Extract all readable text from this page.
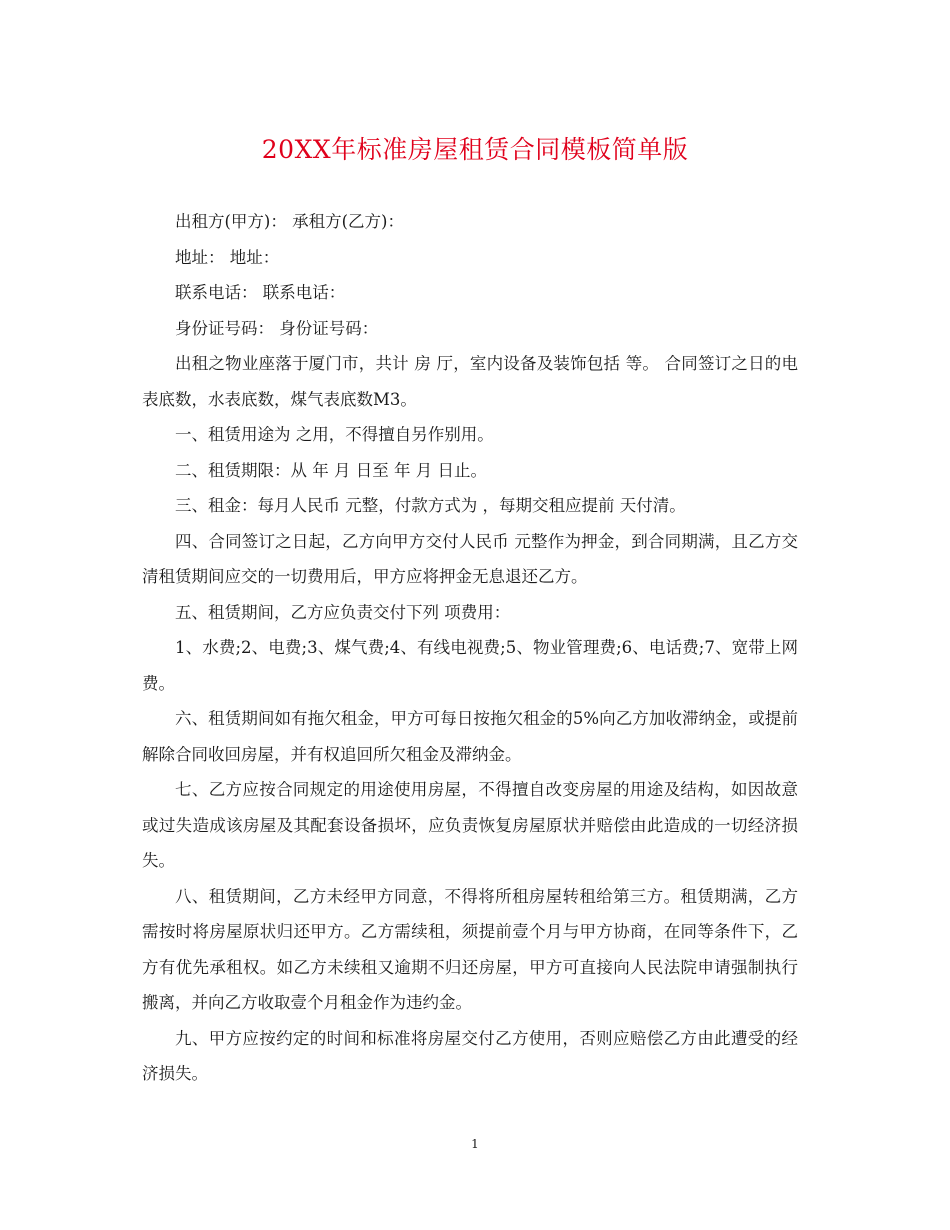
20XX年标准房屋租赁合同模板简单版

出租方(甲方)： 承租方(乙方)：

地址： 地址：

联系电话： 联系电话：

身份证号码： 身份证号码：

出租之物业座落于厦门市，共计 房 厅，室内设备及装饰包括 等。 合同签订之日的电表底数，水表底数，煤气表底数M3。

一、租赁用途为 之用，不得擅自另作别用。

二、租赁期限：从 年 月 日至 年 月 日止。

三、租金：每月人民币 元整，付款方式为 ，每期交租应提前 天付清。

四、合同签订之日起，乙方向甲方交付人民币 元整作为押金，到合同期满，且乙方交清租赁期间应交的一切费用后，甲方应将押金无息退还乙方。

五、租赁期间，乙方应负责交付下列 项费用：

1、水费;2、电费;3、煤气费;4、有线电视费;5、物业管理费;6、电话费;7、宽带上网费。

六、租赁期间如有拖欠租金，甲方可每日按拖欠租金的5%向乙方加收滞纳金，或提前解除合同收回房屋，并有权追回所欠租金及滞纳金。

七、乙方应按合同规定的用途使用房屋，不得擅自改变房屋的用途及结构，如因故意或过失造成该房屋及其配套设备损坏，应负责恢复房屋原状并赔偿由此造成的一切经济损失。

八、租赁期间，乙方未经甲方同意，不得将所租房屋转租给第三方。租赁期满，乙方需按时将房屋原状归还甲方。乙方需续租，须提前壹个月与甲方协商，在同等条件下，乙方有优先承租权。如乙方未续租又逾期不归还房屋，甲方可直接向人民法院申请强制执行搬离，并向乙方收取壹个月租金作为违约金。

九、甲方应按约定的时间和标准将房屋交付乙方使用，否则应赔偿乙方由此遭受的经济损失。

1
